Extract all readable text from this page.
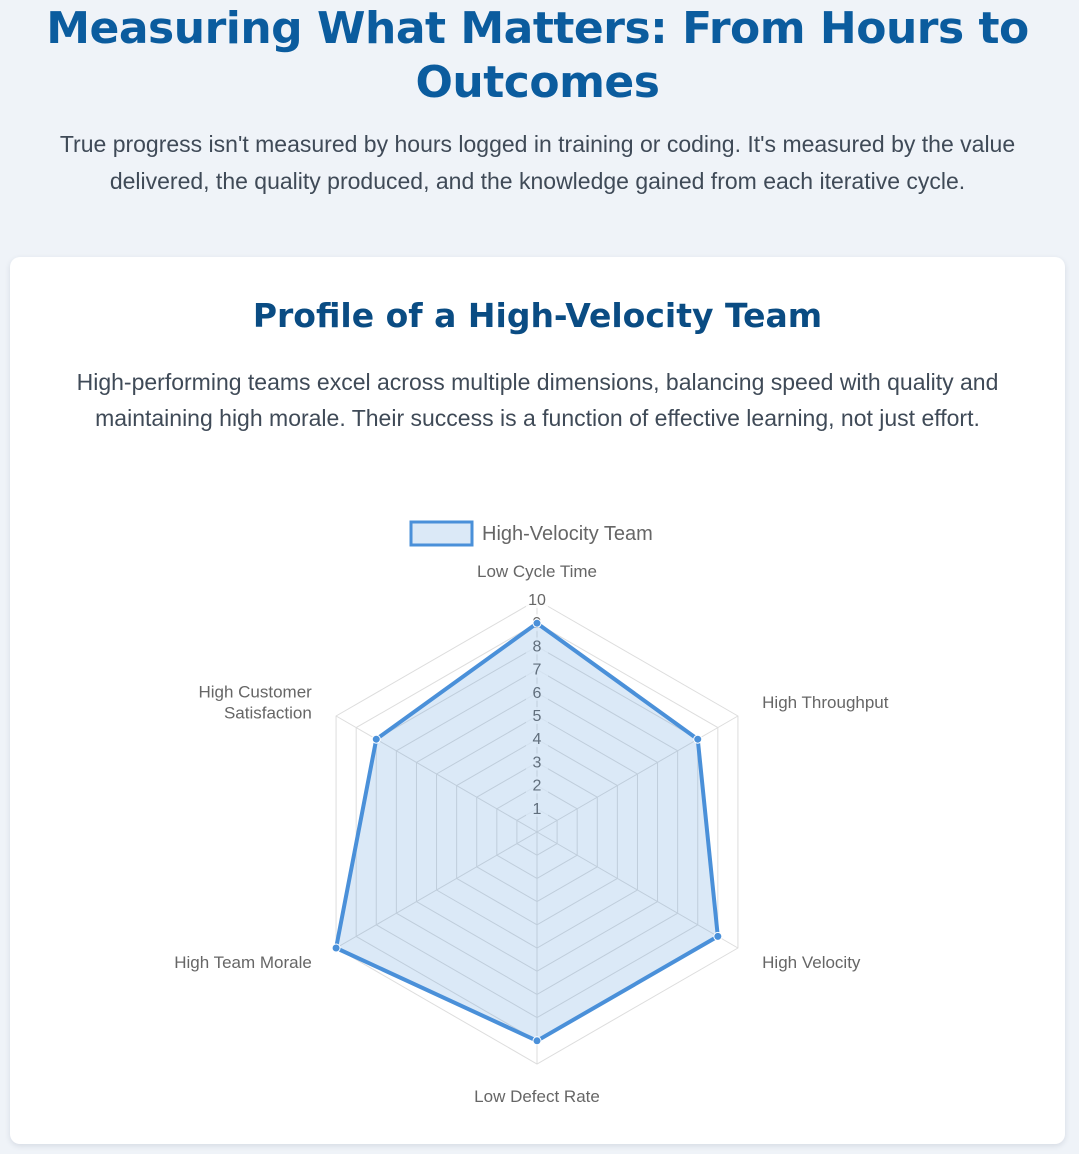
Measuring What Matters: From Hours to Outcomes

True progress isn't measured by hours logged in training or coding. It's measured by the value delivered, the quality produced, and the knowledge gained from each iterative cycle.

Profile of a High-Velocity Team

High-performing teams excel across multiple dimensions, balancing speed with quality and maintaining high morale. Their success is a function of effective learning, not just effort.

High-Velocity Team
10
Low Cycle Time
High Throughput
High Velocity
Low Defect Rate
High Team Morale
High Customer Satisfaction
